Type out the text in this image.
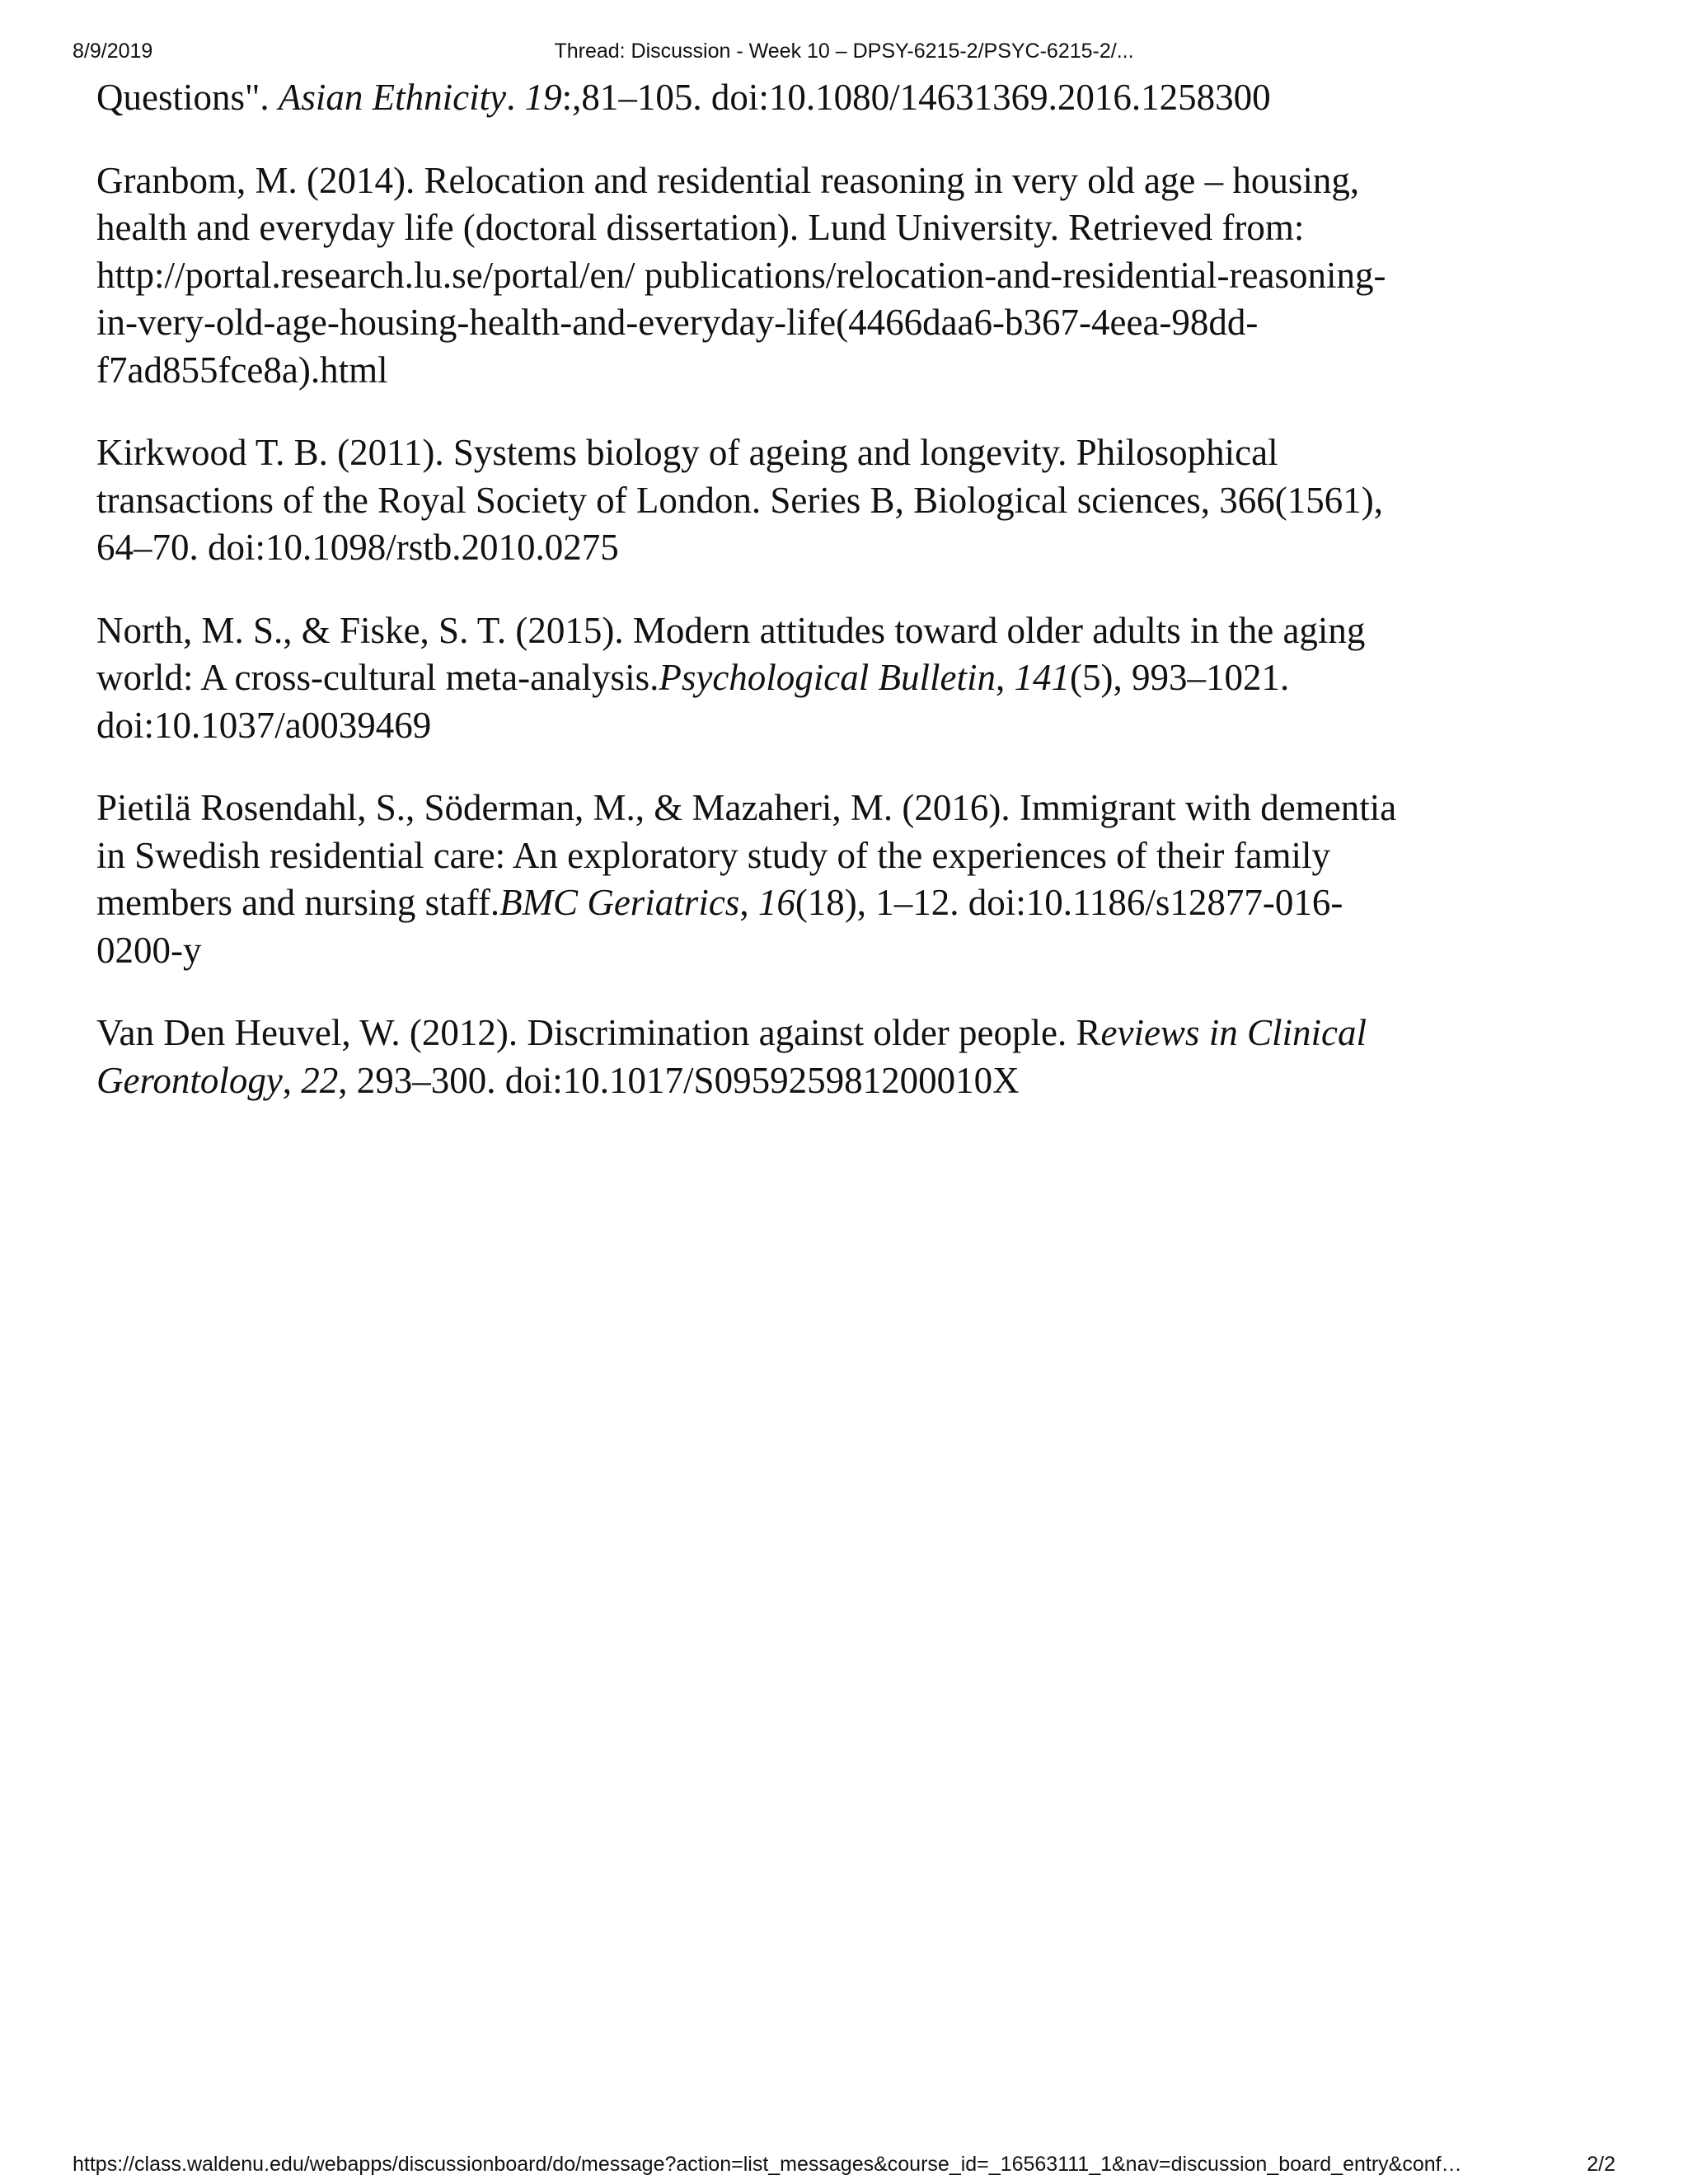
8/9/2019	Thread: Discussion - Week 10 – DPSY-6215-2/PSYC-6215-2/...
Questions". Asian Ethnicity. 19:,81–105. doi:10.1080/14631369.2016.1258300
Granbom, M. (2014). Relocation and residential reasoning in very old age – housing,
health and everyday life (doctoral dissertation). Lund University. Retrieved from:
http://portal.research.lu.se/portal/en/ publications/relocation-and-residential-reasoning-
in-very-old-age-housing-health-and-everyday-life(4466daa6-b367-4eea-98dd-
f7ad855fce8a).html
Kirkwood T. B. (2011). Systems biology of ageing and longevity. Philosophical
transactions of the Royal Society of London. Series B, Biological sciences, 366(1561),
64–70. doi:10.1098/rstb.2010.0275
North, M. S., & Fiske, S. T. (2015). Modern attitudes toward older adults in the aging
world: A cross-cultural meta-analysis.Psychological Bulletin, 141(5), 993–1021.
doi:10.1037/a0039469
Pietilä Rosendahl, S., Söderman, M., & Mazaheri, M. (2016). Immigrant with dementia
in Swedish residential care: An exploratory study of the experiences of their family
members and nursing staff.BMC Geriatrics, 16(18), 1–12. doi:10.1186/s12877-016-
0200-y
Van Den Heuvel, W. (2012). Discrimination against older people. Reviews in Clinical
Gerontology, 22, 293–300. doi:10.1017/S095925981200010X
https://class.waldenu.edu/webapps/discussionboard/do/message?action=list_messages&course_id=_16563111_1&nav=discussion_board_entry&conf…	2/2
